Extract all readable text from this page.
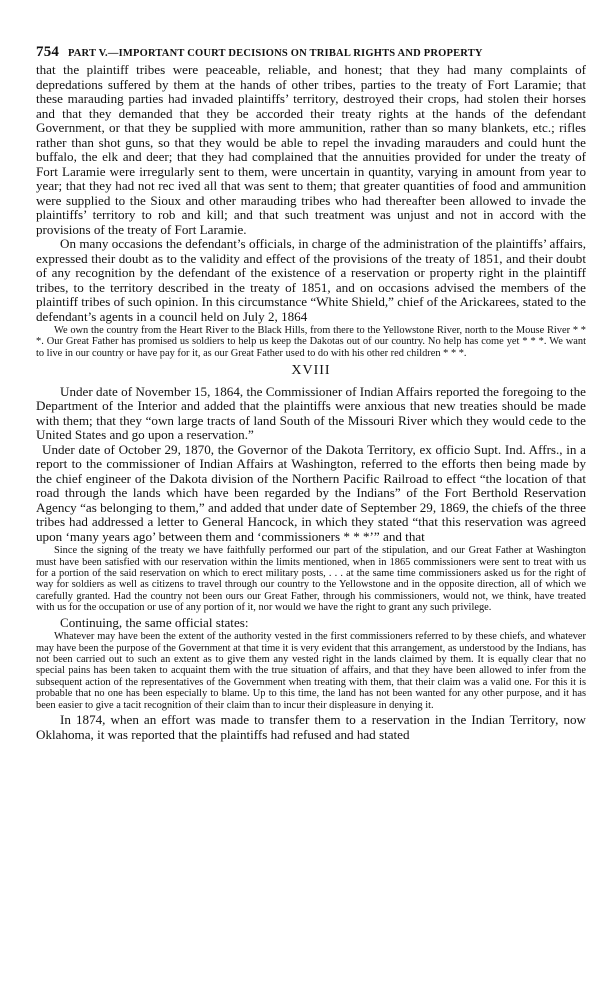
754 PART V.—IMPORTANT COURT DECISIONS ON TRIBAL RIGHTS AND PROPERTY

that the plaintiff tribes were peaceable, reliable, and honest; that they had many complaints of depredations suffered by them at the hands of other tribes, parties to the treaty of Fort Laramie; that these marauding parties had invaded plaintiffs’ territory, destroyed their crops, had stolen their horses and that they demanded that they be accorded their treaty rights at the hands of the defendant Government, or that they be supplied with more ammunition, rather than so many blankets, etc.; rifles rather than shot guns, so that they would be able to repel the invading marauders and could hunt the buffalo, the elk and deer; that they had complained that the annuities provided for under the treaty of Fort Laramie were irregularly sent to them, were uncertain in quantity, varying in amount from year to year; that they had not rec ived all that was sent to them; that greater quantities of food and ammunition were supplied to the Sioux and other marauding tribes who had thereafter been allowed to invade the plaintiffs’ territory to rob and kill; and that such treatment was unjust and not in accord with the provisions of the treaty of Fort Laramie.

On many occasions the defendant’s officials, in charge of the administration of the plaintiffs’ affairs, expressed their doubt as to the validity and effect of the provisions of the treaty of 1851, and their doubt of any recognition by the defendant of the existence of a reservation or property right in the plaintiff tribes, to the territory described in the treaty of 1851, and on occasions advised the members of the plaintiff tribes of such opinion. In this circumstance “White Shield,” chief of the Arickarees, stated to the defendant’s agents in a council held on July 2, 1864

We own the country from the Heart River to the Black Hills, from there to the Yellowstone River, north to the Mouse River * * *. Our Great Father has promised us soldiers to help us keep the Dakotas out of our country. No help has come yet * * *. We want to live in our country or have pay for it, as our Great Father used to do with his other red children * * *.
XVIII

Under date of November 15, 1864, the Commissioner of Indian Affairs reported the foregoing to the Department of the Interior and added that the plaintiffs were anxious that new treaties should be made with them; that they “own large tracts of land South of the Missouri River which they would cede to the United States and go upon a reservation.”

Under date of October 29, 1870, the Governor of the Dakota Territory, ex officio Supt. Ind. Affrs., in a report to the commissioner of Indian Affairs at Washington, referred to the efforts then being made by the chief engineer of the Dakota division of the Northern Pacific Railroad to effect “the location of that road through the lands which have been regarded by the Indians” of the Fort Berthold Reservation Agency “as belonging to them,” and added that under date of September 29, 1869, the chiefs of the three tribes had addressed a letter to General Hancock, in which they stated “that this reservation was agreed upon ‘many years ago’ between them and ‘commissioners * * *’” and that

Since the signing of the treaty we have faithfully performed our part of the stipulation, and our Great Father at Washington must have been satisfied with our reservation within the limits mentioned, when in 1865 commissioners were sent to treat with us for a portion of the said reservation on which to erect military posts, . . . at the same time commissioners asked us for the right of way for soldiers as well as citizens to travel through our country to the Yellowstone and in the opposite direction, all of which we carefully granted. Had the country not been ours our Great Father, through his commissioners, would not, we think, have treated with us for the occupation or use of any portion of it, nor would we have the right to grant any such privilege.

Continuing, the same official states:

Whatever may have been the extent of the authority vested in the first commissioners referred to by these chiefs, and whatever may have been the purpose of the Government at that time it is very evident that this arrangement, as understood by the Indians, has not been carried out to such an extent as to give them any vested right in the lands claimed by them. It is equally clear that no special pains has been taken to acquaint them with the true situation of affairs, and that they have been allowed to infer from the subsequent action of the representatives of the Government when treating with them, that their claim was a valid one. For this it is probable that no one has been especially to blame. Up to this time, the land has not been wanted for any other purpose, and it has been easier to give a tacit recognition of their claim than to incur their displeasure in denying it.

In 1874, when an effort was made to transfer them to a reservation in the Indian Territory, now Oklahoma, it was reported that the plaintiffs had refused and had stated
